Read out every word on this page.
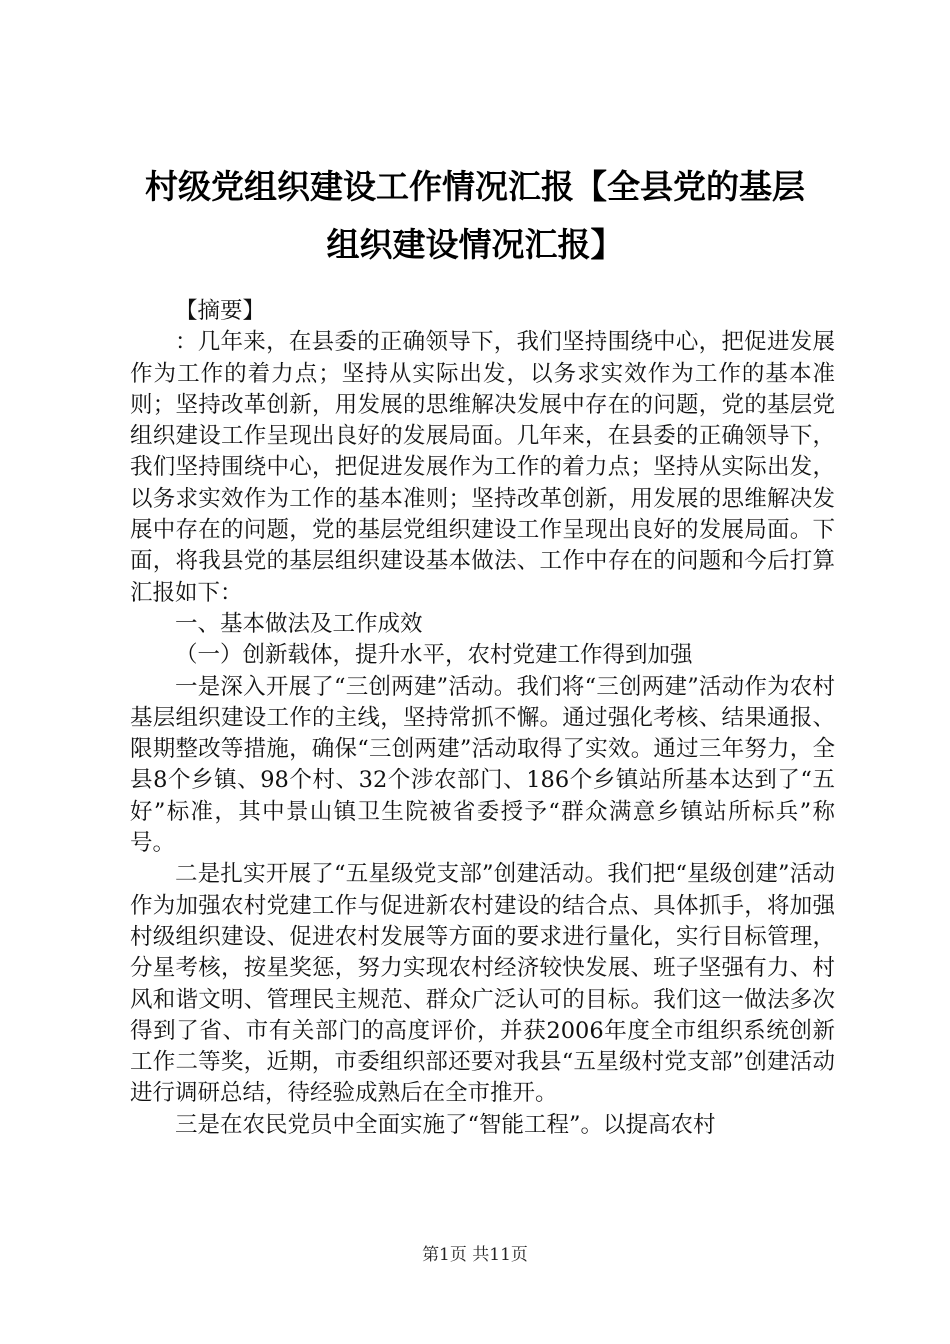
村级党组织建设工作情况汇报【全县党的基层
组织建设情况汇报】

【摘要】

：几年来，在县委的正确领导下，我们坚持围绕中心，把促进发展作为工作的着力点；坚持从实际出发，以务求实效作为工作的基本准则；坚持改革创新，用发展的思维解决发展中存在的问题，党的基层党组织建设工作呈现出良好的发展局面。几年来，在县委的正确领导下，我们坚持围绕中心，把促进发展作为工作的着力点；坚持从实际出发，以务求实效作为工作的基本准则；坚持改革创新，用发展的思维解决发展中存在的问题，党的基层党组织建设工作呈现出良好的发展局面。下面，将我县党的基层组织建设基本做法、工作中存在的问题和今后打算汇报如下：

一、基本做法及工作成效

（一）创新载体，提升水平，农村党建工作得到加强

一是深入开展了“三创两建”活动。我们将“三创两建”活动作为农村基层组织建设工作的主线，坚持常抓不懈。通过强化考核、结果通报、限期整改等措施，确保“三创两建”活动取得了实效。通过三年努力，全县8个乡镇、98个村、32个涉农部门、186个乡镇站所基本达到了“五好”标准，其中景山镇卫生院被省委授予“群众满意乡镇站所标兵”称号。

二是扎实开展了“五星级党支部”创建活动。我们把“星级创建”活动作为加强农村党建工作与促进新农村建设的结合点、具体抓手，将加强村级组织建设、促进农村发展等方面的要求进行量化，实行目标管理，分星考核，按星奖惩，努力实现农村经济较快发展、班子坚强有力、村风和谐文明、管理民主规范、群众广泛认可的目标。我们这一做法多次得到了省、市有关部门的高度评价，并获2006年度全市组织系统创新工作二等奖，近期，市委组织部还要对我县“五星级村党支部”创建活动进行调研总结，待经验成熟后在全市推开。

三是在农民党员中全面实施了“智能工程”。以提高农村

第1页 共11页
